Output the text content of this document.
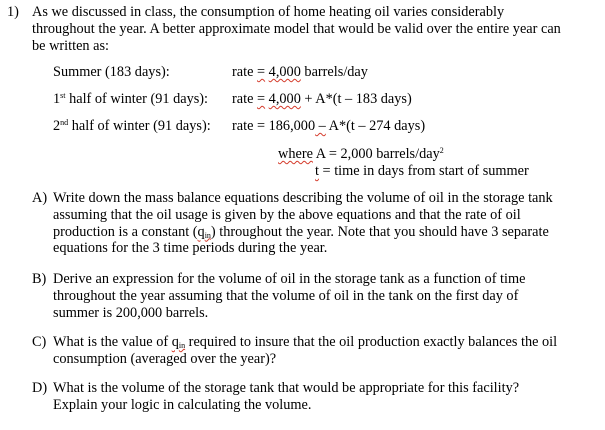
1) As we discussed in class, the consumption of home heating oil varies considerably
throughout the year. A better approximate model that would be valid over the entire year can
be written as:
Summer (183 days):	rate = 4,000 barrels/day
1st half of winter (91 days): rate = 4,000 + A*(t – 183 days)
2nd half of winter (91 days): rate = 186,000 – A*(t – 274 days)
where A = 2,000 barrels/day$^2$
t = time in days from start of summer
A) Write down the mass balance equations describing the volume of oil in the storage tank
assuming that the oil usage is given by the above equations and that the rate of oil
production is a constant $(q_{in})$ throughout the year. Note that you should have 3 separate
equations for the 3 time periods during the year.
B) Derive an expression for the volume of oil in the storage tank as a function of time
throughout the year assuming that the volume of oil in the tank on the first day of
summer is 200,000 barrels.
C) What is the value of $q_{in}$ required to insure that the oil production exactly balances the oil
consumption (averaged over the year)?
D) What is the volume of the storage tank that would be appropriate for this facility?
Explain your logic in calculating the volume.
